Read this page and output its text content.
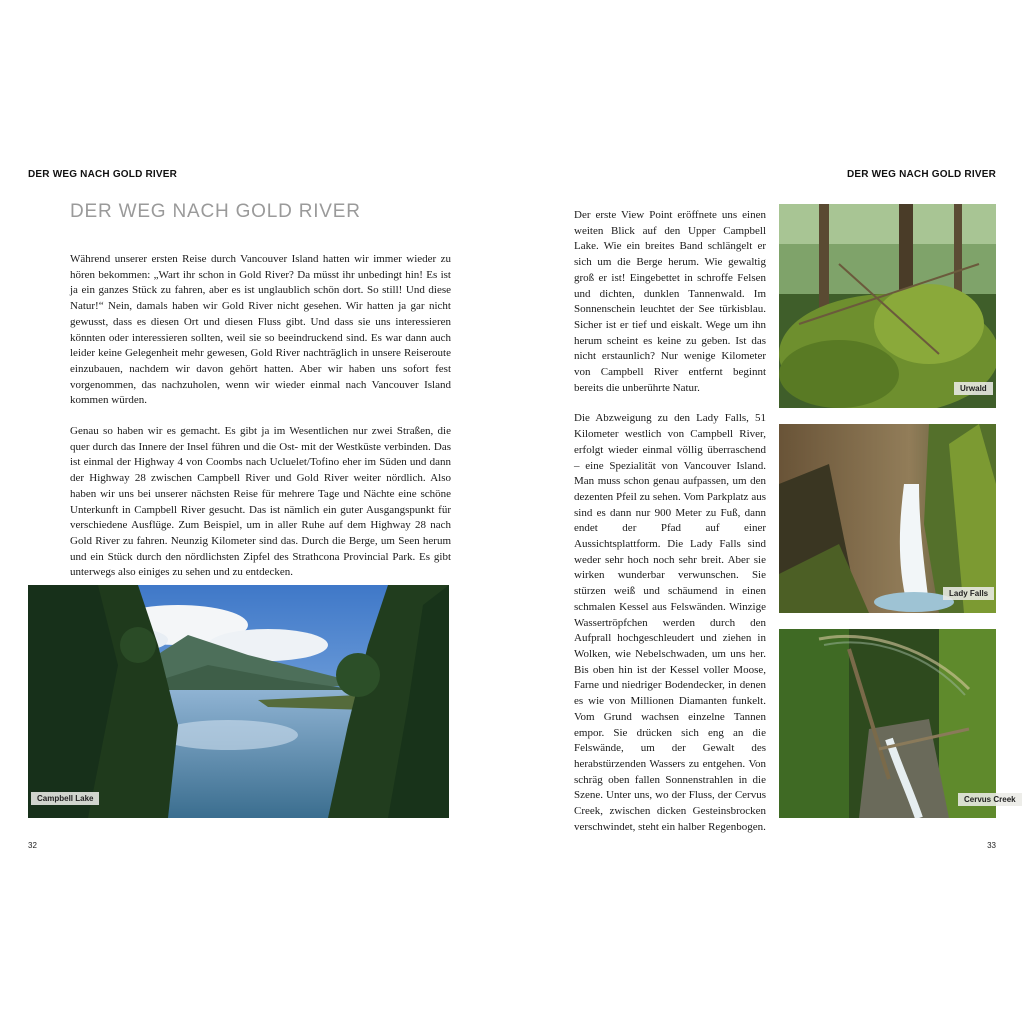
DER WEG NACH GOLD RIVER
DER WEG NACH GOLD RIVER

Während unserer ersten Reise durch Vancouver Island hatten wir immer wieder zu hören bekommen: „Wart ihr schon in Gold River? Da müsst ihr unbedingt hin! Es ist ja ein ganzes Stück zu fahren, aber es ist unglaublich schön dort. So still! Und diese Natur!“ Nein, damals haben wir Gold River nicht gesehen. Wir hatten ja gar nicht gewusst, dass es diesen Ort und diesen Fluss gibt. Und dass sie uns interessieren könnten oder interessieren sollten, weil sie so beeindruckend sind. Es war dann auch leider keine Gelegenheit mehr gewesen, Gold River nachträglich in unsere Reiseroute einzubauen, nachdem wir davon gehört hatten. Aber wir haben uns sofort fest vorgenommen, das nachzuholen, wenn wir wieder einmal nach Vancouver Island kommen würden.

Genau so haben wir es gemacht. Es gibt ja im Wesentlichen nur zwei Straßen, die quer durch das Innere der Insel führen und die Ost- mit der Westküste verbinden. Das ist einmal der Highway 4 von Coombs nach Ucluelet/Tofino eher im Süden und dann der Highway 28 zwischen Campbell River und Gold River weiter nördlich. Also haben wir uns bei unserer nächsten Reise für mehrere Tage und Nächte eine schöne Unterkunft in Campbell River gesucht. Das ist nämlich ein guter Ausgangspunkt für verschiedene Ausflüge. Zum Beispiel, um in aller Ruhe auf dem Highway 28 nach Gold River zu fahren. Neunzig Kilometer sind das. Durch die Berge, um Seen herum und ein Stück durch den nördlichsten Zipfel des Strathcona Provincial Park. Es gibt unterwegs also einiges zu sehen und zu entdecken.

Campbell Lake
32
DER WEG NACH GOLD RIVER

Der erste View Point eröffnete uns einen weiten Blick auf den Upper Campbell Lake. Wie ein breites Band schlängelt er sich um die Berge herum. Wie gewaltig groß er ist! Eingebettet in schroffe Felsen und dichten, dunklen Tannenwald. Im Sonnenschein leuchtet der See türkisblau. Sicher ist er tief und eiskalt. Wege um ihn herum scheint es keine zu geben. Ist das nicht erstaunlich? Nur wenige Kilometer von Campbell River entfernt beginnt bereits die unberührte Natur.

Die Abzweigung zu den Lady Falls, 51 Kilometer westlich von Campbell River, erfolgt wieder einmal völlig überraschend – eine Spezialität von Vancouver Island. Man muss schon genau aufpassen, um den dezenten Pfeil zu sehen. Vom Parkplatz aus sind es dann nur 900 Meter zu Fuß, dann endet der Pfad auf einer Aussichtsplattform. Die Lady Falls sind weder sehr hoch noch sehr breit. Aber sie wirken wunderbar verwunschen. Sie stürzen weiß und schäumend in einen schmalen Kessel aus Felswänden. Winzige Wassertröpfchen werden durch den Aufprall hochgeschleudert und ziehen in Wolken, wie Nebelschwaden, um uns her. Bis oben hin ist der Kessel voller Moose, Farne und niedriger Bodendecker, in denen es wie von Millionen Diamanten funkelt. Vom Grund wachsen einzelne Tannen empor. Sie drücken sich eng an die Felswände, um der Gewalt des herabstürzenden Wassers zu entgehen. Von schräg oben fallen Sonnenstrahlen in die Szene. Unter uns, wo der Fluss, der Cervus Creek, zwischen dicken Gesteinsbrocken verschwindet, steht ein halber Regenbogen.

Urwald
Lady Falls
Cervus Creek
33
